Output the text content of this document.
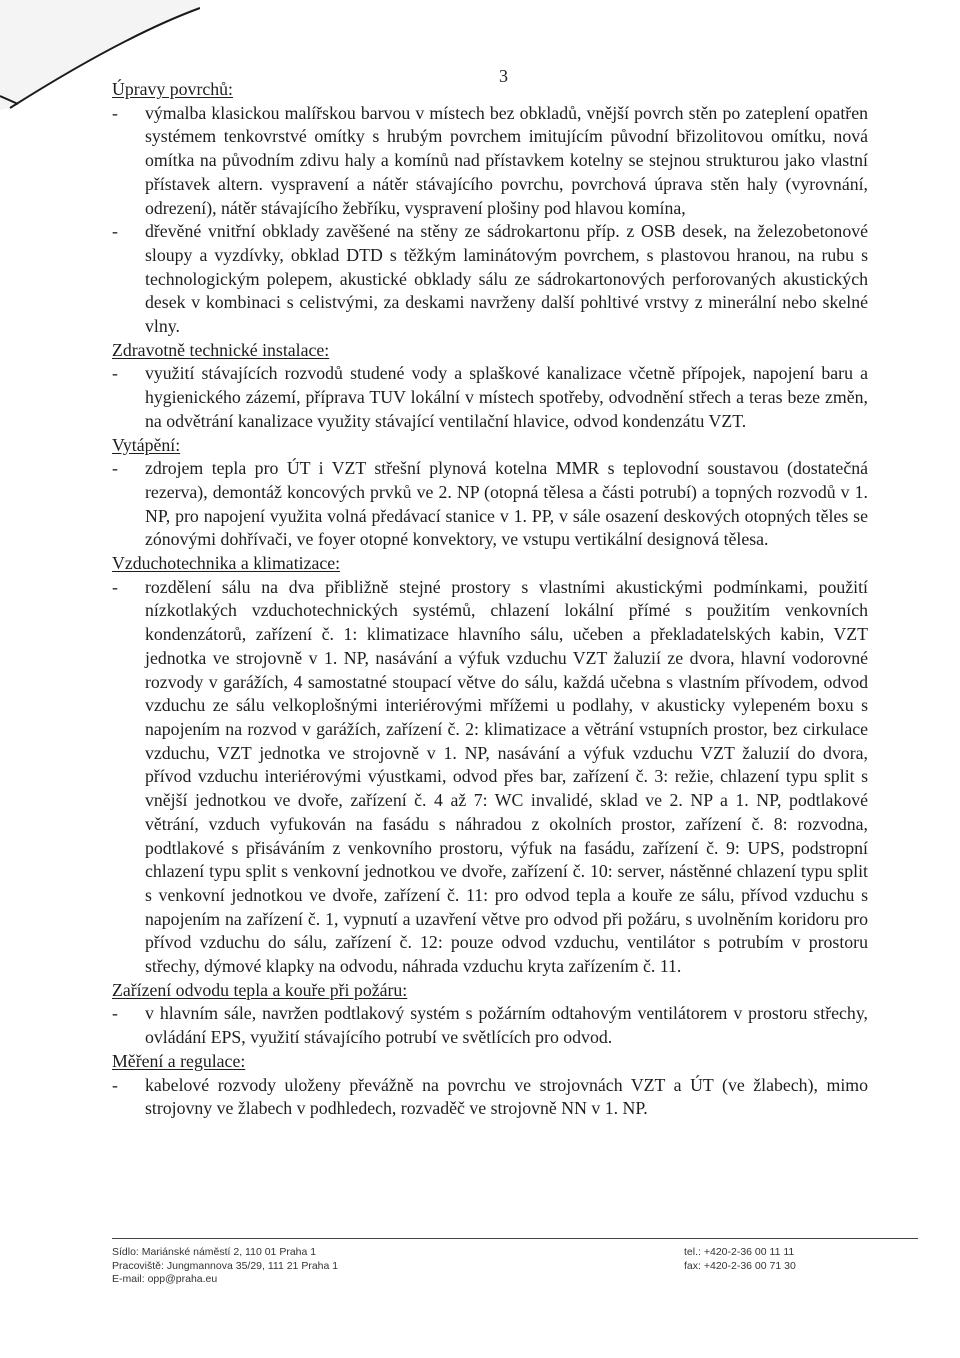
3
Úpravy povrchů:
- výmalba klasickou malířskou barvou v místech bez obkladů, vnější povrch stěn po zateplení opatřen systémem tenkovrstvé omítky s hrubým povrchem imitujícím původní břizolitovou omítku, nová omítka na původním zdivu haly a komínů nad přístavkem kotelny se stejnou strukturou jako vlastní přístavek altern. vyspravení a nátěr stávajícího povrchu, povrchová úprava stěn haly (vyrovnání, odrezení), nátěr stávajícího žebříku, vyspravení plošiny pod hlavou komína,
- dřevěné vnitřní obklady zavěšené na stěny ze sádrokartonu příp. z OSB desek, na železobetonové sloupy a vyzdívky, obklad DTD s těžkým laminátovým povrchem, s plastovou hranou, na rubu s technologickým polepem, akustické obklady sálu ze sádrokartonových perforovaných akustických desek v kombinaci s celistvými, za deskami navrženy další pohltivé vrstvy z minerální nebo skelné vlny.
Zdravotně technické instalace:
- využití stávajících rozvodů studené vody a splaškové kanalizace včetně přípojek, napojení baru a hygienického zázemí, příprava TUV lokální v místech spotřeby, odvodnění střech a teras beze změn, na odvětrání kanalizace využity stávající ventilační hlavice, odvod kondenzátu VZT.
Vytápění:
- zdrojem tepla pro ÚT i VZT střešní plynová kotelna MMR s teplovodní soustavou (dostatečná rezerva), demontáž koncových prvků ve 2. NP (otopná tělesa a části potrubí) a topných rozvodů v 1. NP, pro napojení využita volná předávací stanice v 1. PP, v sále osazení deskových otopných těles se zónovými dohřívači, ve foyer otopné konvektory, ve vstupu vertikální designová tělesa.
Vzduchotechnika a klimatizace:
- rozdělení sálu na dva přibližně stejné prostory s vlastními akustickými podmínkami, použití nízkotlakých vzduchotechnických systémů, chlazení lokální přímé s použitím venkovních kondenzátorů, zařízení č. 1: klimatizace hlavního sálu, učeben a překladatelských kabin, VZT jednotka ve strojovně v 1. NP, nasávání a výfuk vzduchu VZT žaluzií ze dvora, hlavní vodorovné rozvody v garážích, 4 samostatné stoupací větve do sálu, každá učebna s vlastním přívodem, odvod vzduchu ze sálu velkoplošnými interiérovými mřížemi u podlahy, v akusticky vylepeném boxu s napojením na rozvod v garážích, zařízení č. 2: klimatizace a větrání vstupních prostor, bez cirkulace vzduchu, VZT jednotka ve strojovně v 1. NP, nasávání a výfuk vzduchu VZT žaluzií do dvora, přívod vzduchu interiérovými výustkami, odvod přes bar, zařízení č. 3: režie, chlazení typu split s vnější jednotkou ve dvoře, zařízení č. 4 až 7: WC invalidé, sklad ve 2. NP a 1. NP, podtlakové větrání, vzduch vyfukován na fasádu s náhradou z okolních prostor, zařízení č. 8: rozvodna, podtlakové s přisáváním z venkovního prostoru, výfuk na fasádu, zařízení č. 9: UPS, podstropní chlazení typu split s venkovní jednotkou ve dvoře, zařízení č. 10: server, nástěnné chlazení typu split s venkovní jednotkou ve dvoře, zařízení č. 11: pro odvod tepla a kouře ze sálu, přívod vzduchu s napojením na zařízení č. 1, vypnutí a uzavření větve pro odvod při požáru, s uvolněním koridoru pro přívod vzduchu do sálu, zařízení č. 12: pouze odvod vzduchu, ventilátor s potrubím v prostoru střechy, dýmové klapky na odvodu, náhrada vzduchu kryta zařízením č. 11.
Zařízení odvodu tepla a kouře při požáru:
- v hlavním sále, navržen podtlakový systém s požárním odtahovým ventilátorem v prostoru střechy, ovládání EPS, využití stávajícího potrubí ve světlících pro odvod.
Měření a regulace:
- kabelové rozvody uloženy převážně na povrchu ve strojovnách VZT a ÚT (ve žlabech), mimo strojovny ve žlabech v podhledech, rozvaděč ve strojovně NN v 1. NP.
Sídlo: Mariánské náměstí 2, 110 01 Praha 1
Pracoviště: Jungmannova 35/29, 111 21 Praha 1
E-mail: opp@praha.eu
tel.: +420-2-36 00 11 11
fax: +420-2-36 00 71 30
